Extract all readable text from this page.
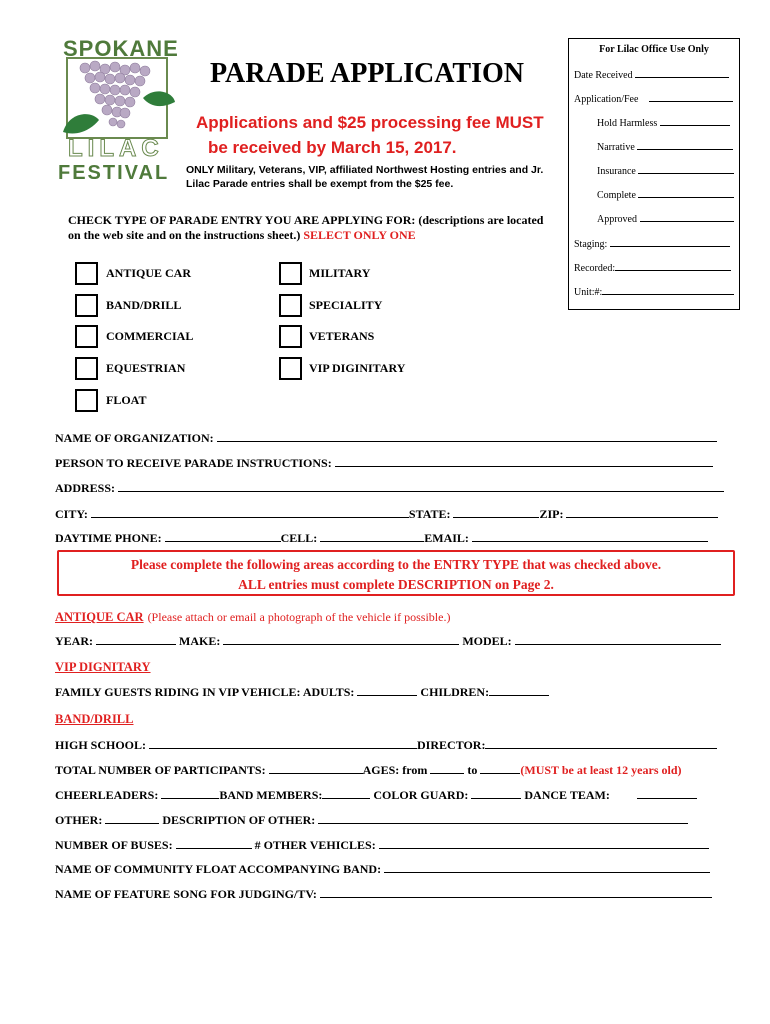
SPOKANE
LILAC
FESTIVAL
PARADE APPLICATION
Applications and $25 processing fee MUST
be received by March 15, 2017.
ONLY Military, Veterans, VIP, affiliated Northwest Hosting entries and Jr. Lilac Parade entries shall be exempt from the $25 fee.
For Lilac Office Use Only
Date Received
Application/Fee
Hold Harmless
Narrative
Insurance
Complete
Approved
Staging:
Recorded:
Unit:#:
CHECK TYPE OF PARADE ENTRY YOU ARE APPLYING FOR: (descriptions are located on the web site and on the instructions sheet.) SELECT ONLY ONE
ANTIQUE CAR
BAND/DRILL
COMMERCIAL
EQUESTRIAN
FLOAT
MILITARY
SPECIALITY
VETERANS
VIP DIGINITARY
NAME OF ORGANIZATION:
PERSON TO RECEIVE PARADE INSTRUCTIONS:
ADDRESS:
CITY:	STATE:	ZIP:
DAYTIME PHONE:	CELL:	EMAIL:
Please complete the following areas according to the ENTRY TYPE that was checked above.
ALL entries must complete DESCRIPTION on Page 2.
ANTIQUE CAR (Please attach or email a photograph of the vehicle if possible.)
YEAR:	MAKE:	MODEL:
VIP DIGNITARY
FAMILY GUESTS RIDING IN VIP VEHICLE: ADULTS:	CHILDREN:
BAND/DRILL
HIGH SCHOOL:	DIRECTOR:
TOTAL NUMBER OF PARTICIPANTS:	AGES: from	to	(MUST be at least 12 years old)
CHEERLEADERS:	BAND MEMBERS:	COLOR GUARD:	DANCE TEAM:
OTHER:	DESCRIPTION OF OTHER:
NUMBER OF BUSES:	# OTHER VEHICLES:
NAME OF COMMUNITY FLOAT ACCOMPANYING BAND:
NAME OF FEATURE SONG FOR JUDGING/TV:
